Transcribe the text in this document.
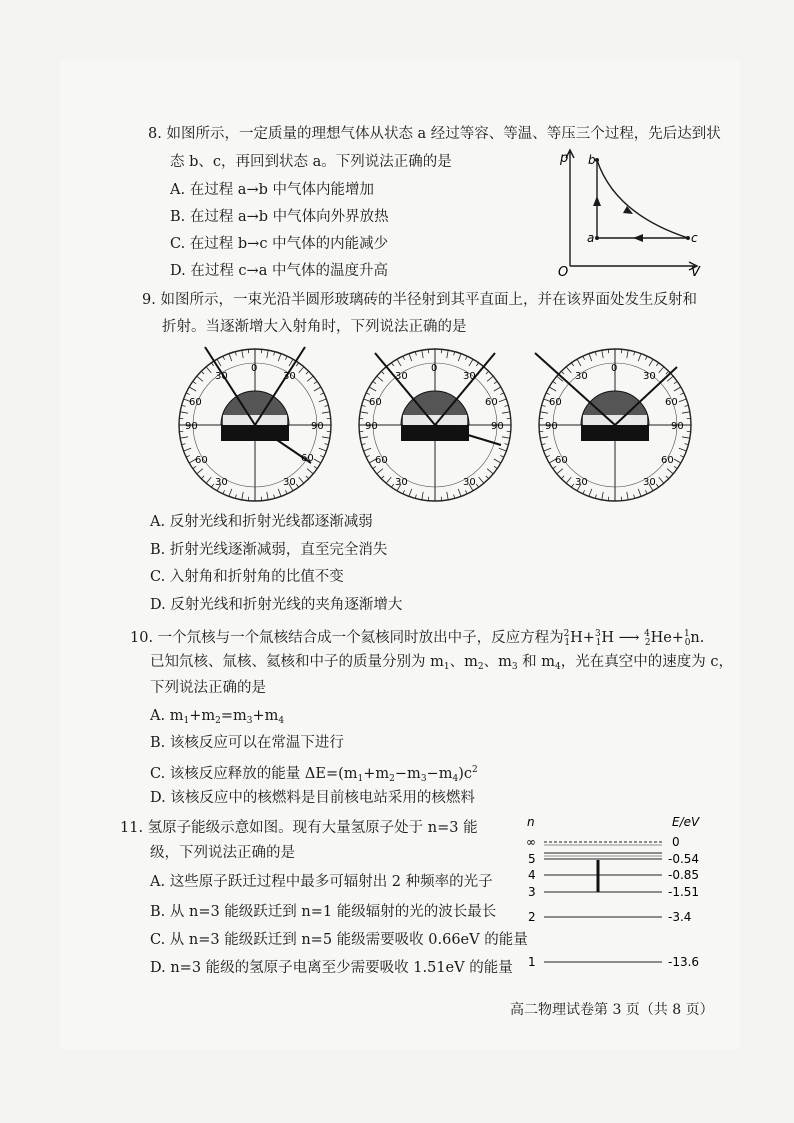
8. 如图所示，一定质量的理想气体从状态 a 经过等容、等温、等压三个过程，先后达到状
态 b、c，再回到状态 a。下列说法正确的是
A. 在过程 a→b 中气体内能增加
B. 在过程 a→b 中气体向外界放热
C. 在过程 b→c 中气体的内能减少
D. 在过程 c→a 中气体的温度升高
p
V
O
b
a	c
9. 如图所示，一束光沿半圆形玻璃砖的半径射到其平直面上，并在该界面处发生反射和
折射。当逐渐增大入射角时，下列说法正确的是
0
30	30
60
90	90
60
60
30	30
0
30	30
60	60
90	90
60
30	30
0
30	30
60	60
90	90
60	60
30	30
A. 反射光线和折射光线都逐渐减弱
B. 折射光线逐渐减弱，直至完全消失
C. 入射角和折射角的比值不变
D. 反射光线和折射光线的夹角逐渐增大
10. 一个氘核与一个氚核结合成一个氦核同时放出中子，反应方程为$^2_1$H+$^3_1$H ⟶ $^4_2$He+$^1_0$n.
已知氘核、氚核、氦核和中子的质量分别为 $m_1$、$m_2$、$m_3$ 和 $m_4$，光在真空中的速度为 c，
下列说法正确的是
A. $m_1+m_2=m_3+m_4$
B. 该核反应可以在常温下进行
C. 该核反应释放的能量 $\Delta E=(m_1+m_2-m_3-m_4)c^2$
D. 该核反应中的核燃料是目前核电站采用的核燃料
11. 氢原子能级示意如图。现有大量氢原子处于 n=3 能
级，下列说法正确的是
A. 这些原子跃迁过程中最多可辐射出 2 种频率的光子
B. 从 n=3 能级跃迁到 n=1 能级辐射的光的波长最长
C. 从 n=3 能级跃迁到 n=5 能级需要吸收 0.66eV 的能量
D. n=3 能级的氢原子电离至少需要吸收 1.51eV 的能量
n	E/eV
∞	0
5	-0.54
4	-0.85
3	-1.51
2	-3.4
1	-13.6
高二物理试卷第 3 页（共 8 页）
